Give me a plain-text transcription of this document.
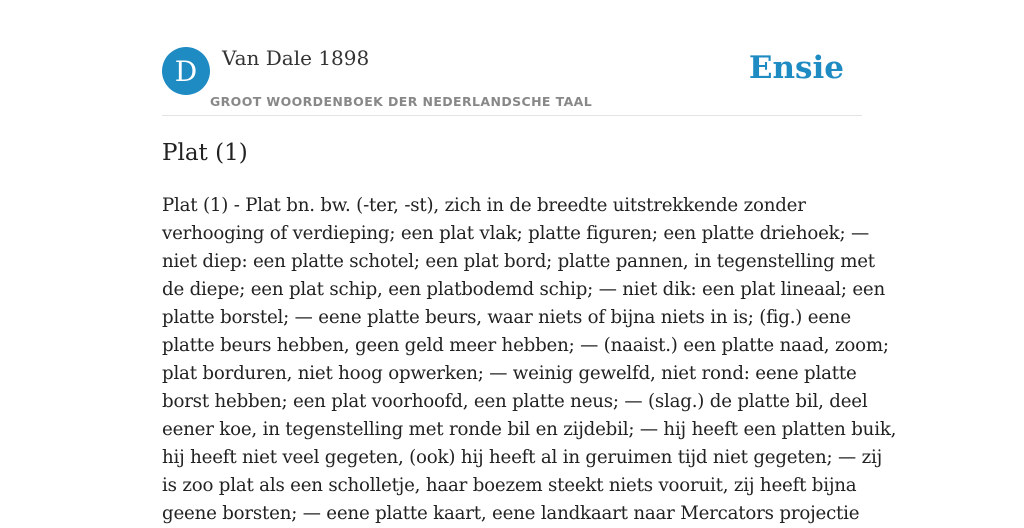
D	Van Dale 1898
GROOT WOORDENBOEK DER NEDERLANDSCHE TAAL
Ensie
Plat (1)

Plat (1) - Plat bn. bw. (-ter, -st), zich in de breedte uitstrekkende zonder
verhooging of verdieping; een plat vlak; platte figuren; een platte driehoek; —
niet diep: een platte schotel; een plat bord; platte pannen, in tegenstelling met
de diepe; een plat schip, een platbodemd schip; — niet dik: een plat lineaal; een
platte borstel; — eene platte beurs, waar niets of bijna niets in is; (fig.) eene
platte beurs hebben, geen geld meer hebben; — (naaist.) een platte naad, zoom;
plat borduren, niet hoog opwerken; — weinig gewelfd, niet rond: eene platte
borst hebben; een plat voorhoofd, een platte neus; — (slag.) de platte bil, deel
eener koe, in tegenstelling met ronde bil en zijdebil; — hij heeft een platten buik,
hij heeft niet veel gegeten, (ook) hij heeft al in geruimen tijd niet gegeten; — zij
is zoo plat als een scholletje, haar boezem steekt niets vooruit, zij heeft bijna
geene borsten; — eene platte kaart, eene landkaart naar Mercators projectie
